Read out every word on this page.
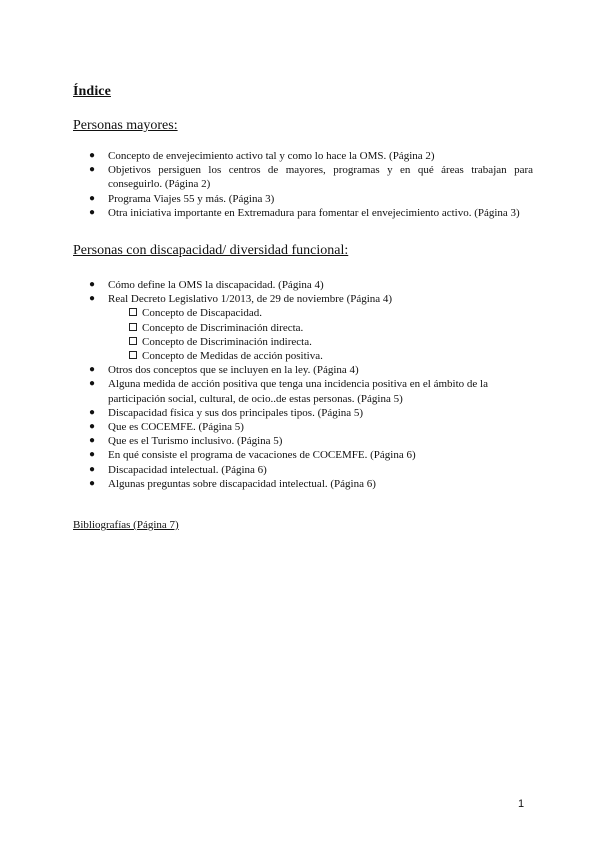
Índice
Personas mayores:
● Concepto de envejecimiento activo tal y como lo hace la OMS. (Página 2)
● Objetivos persiguen los centros de mayores, programas y en qué áreas trabajan para conseguirlo. (Página 2)
● Programa Viajes 55 y más. (Página 3)
● Otra iniciativa importante en Extremadura para fomentar el envejecimiento activo. (Página 3)
Personas con discapacidad/ diversidad funcional:
● Cómo define la OMS la discapacidad. (Página 4)
● Real Decreto Legislativo 1/2013, de 29 de noviembre (Página 4)
Concepto de Discapacidad.
Concepto de Discriminación directa.
Concepto de Discriminación indirecta.
Concepto de Medidas de acción positiva.
● Otros dos conceptos que se incluyen en la ley. (Página 4)
● Alguna medida de acción positiva que tenga una incidencia positiva en el ámbito de la participación social, cultural, de ocio..de estas personas. (Página 5)
● Discapacidad física y sus dos principales tipos. (Página 5)
● Que es COCEMFE. (Página 5)
● Que es el Turismo inclusivo. (Página 5)
● En qué consiste el programa de vacaciones de COCEMFE. (Página 6)
● Discapacidad intelectual. (Página 6)
● Algunas preguntas sobre discapacidad intelectual. (Página 6)
Bibliografías (Página 7)
1
